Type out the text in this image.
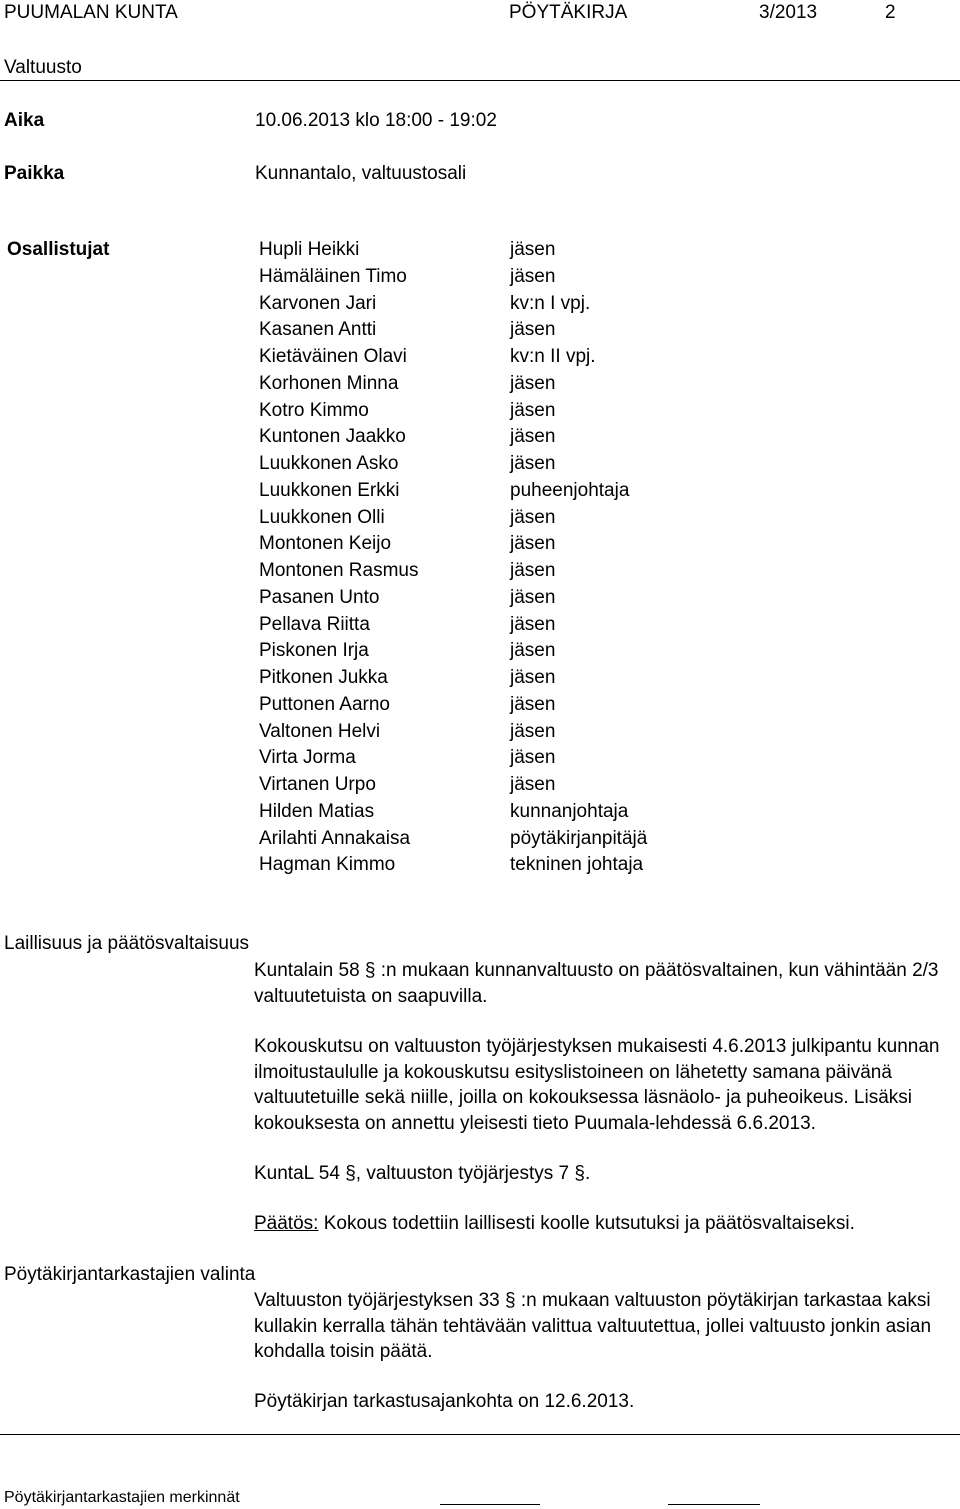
PUUMALAN KUNTA	PÖYTÄKIRJA	3/2013	2
Valtuusto
Aika	10.06.2013 klo 18:00 - 19:02
Paikka	Kunnantalo, valtuustosali
Osallistujat	Hupli Heikki	jäsen
Hämäläinen Timo	jäsen
Karvonen Jari	kv:n I vpj.
Kasanen Antti	jäsen
Kietäväinen Olavi	kv:n II vpj.
Korhonen Minna	jäsen
Kotro Kimmo	jäsen
Kuntonen Jaakko	jäsen
Luukkonen Asko	jäsen
Luukkonen Erkki	puheenjohtaja
Luukkonen Olli	jäsen
Montonen Keijo	jäsen
Montonen Rasmus	jäsen
Pasanen Unto	jäsen
Pellava Riitta	jäsen
Piskonen Irja	jäsen
Pitkonen Jukka	jäsen
Puttonen Aarno	jäsen
Valtonen Helvi	jäsen
Virta Jorma	jäsen
Virtanen Urpo	jäsen
Hilden Matias	kunnanjohtaja
Arilahti Annakaisa	pöytäkirjanpitäjä
Hagman Kimmo	tekninen johtaja
Laillisuus ja päätösvaltaisuus

Kuntalain 58 § :n mukaan kunnanvaltuusto on päätösvaltainen, kun vähintään 2/3 valtuutetuista on saapuvilla.

Kokouskutsu on valtuuston työjärjestyksen mukaisesti 4.6.2013 julkipantu kunnan ilmoitustaululle ja kokouskutsu esityslistoineen on lähetetty samana päivänä valtuutetuille sekä niille, joilla on kokouksessa läsnäolo- ja puheoikeus. Lisäksi kokouksesta on annettu yleisesti tieto Puumala-lehdessä 6.6.2013.

KuntaL 54 §, valtuuston työjärjestys 7 §.

Päätös: Kokous todettiin laillisesti koolle kutsutuksi ja päätösvaltaiseksi.

Pöytäkirjantarkastajien valinta

Valtuuston työjärjestyksen 33 § :n mukaan valtuuston pöytäkirjan tarkastaa kaksi kullakin kerralla tähän tehtävään valittua valtuutettua, jollei valtuusto jonkin asian kohdalla toisin päätä.

Pöytäkirjan tarkastusajankohta on 12.6.2013.

Pöytäkirjantarkastajien merkinnät
